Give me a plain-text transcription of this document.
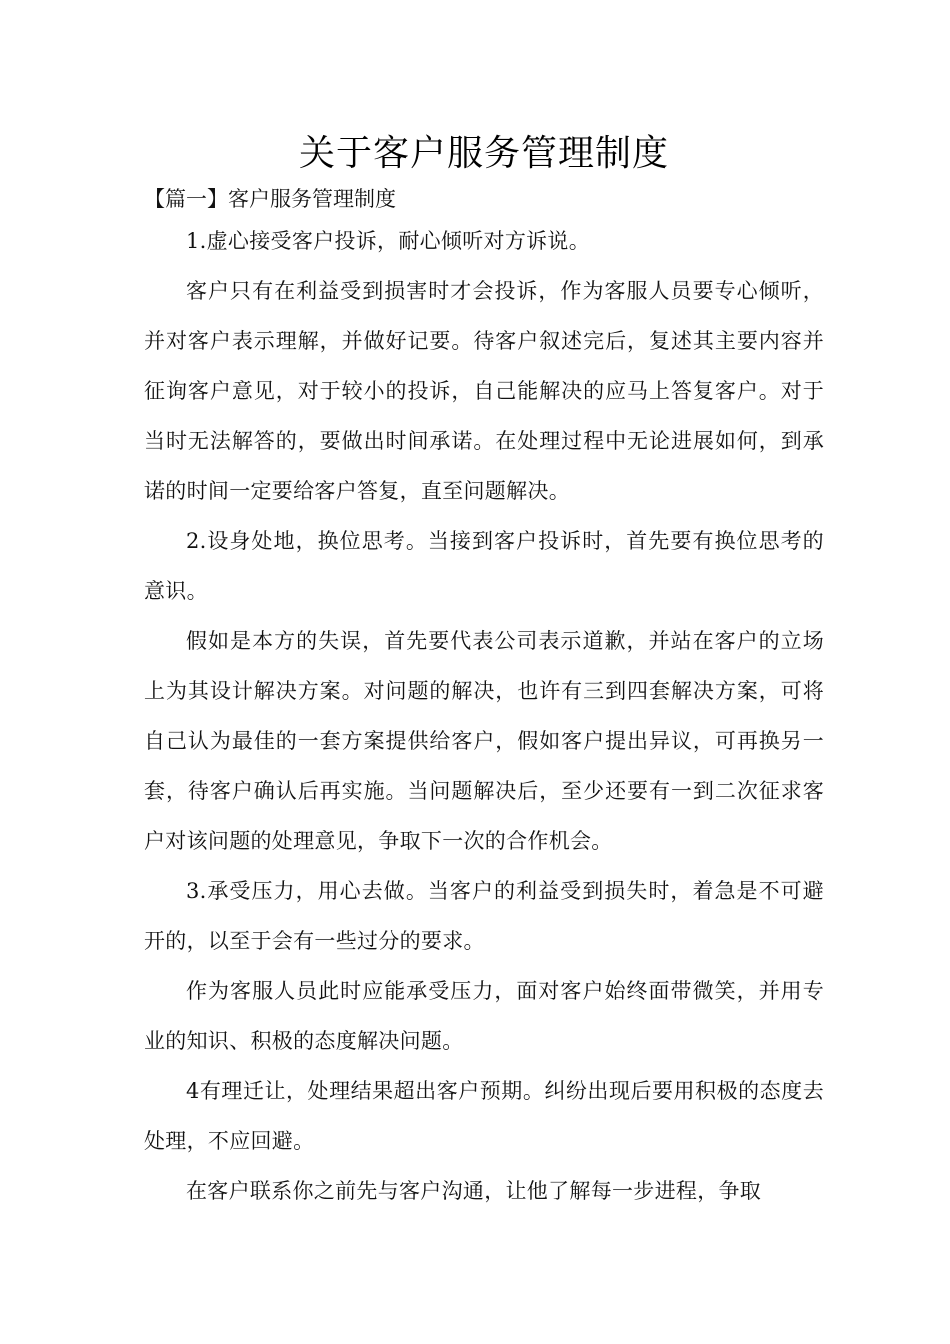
关于客户服务管理制度

【篇一】客户服务管理制度

1.虚心接受客户投诉，耐心倾听对方诉说。

客户只有在利益受到损害时才会投诉，作为客服人员要专心倾听，并对客户表示理解，并做好记要。待客户叙述完后，复述其主要内容并征询客户意见，对于较小的投诉，自己能解决的应马上答复客户。对于当时无法解答的，要做出时间承诺。在处理过程中无论进展如何，到承诺的时间一定要给客户答复，直至问题解决。

2.设身处地，换位思考。当接到客户投诉时，首先要有换位思考的意识。

假如是本方的失误，首先要代表公司表示道歉，并站在客户的立场上为其设计解决方案。对问题的解决，也许有三到四套解决方案，可将自己认为最佳的一套方案提供给客户，假如客户提出异议，可再换另一套，待客户确认后再实施。当问题解决后，至少还要有一到二次征求客户对该问题的处理意见，争取下一次的合作机会。

3.承受压力，用心去做。当客户的利益受到损失时，着急是不可避开的，以至于会有一些过分的要求。

作为客服人员此时应能承受压力，面对客户始终面带微笑，并用专业的知识、积极的态度解决问题。

4有理迁让，处理结果超出客户预期。纠纷出现后要用积极的态度去处理，不应回避。

在客户联系你之前先与客户沟通，让他了解每一步进程，争取
